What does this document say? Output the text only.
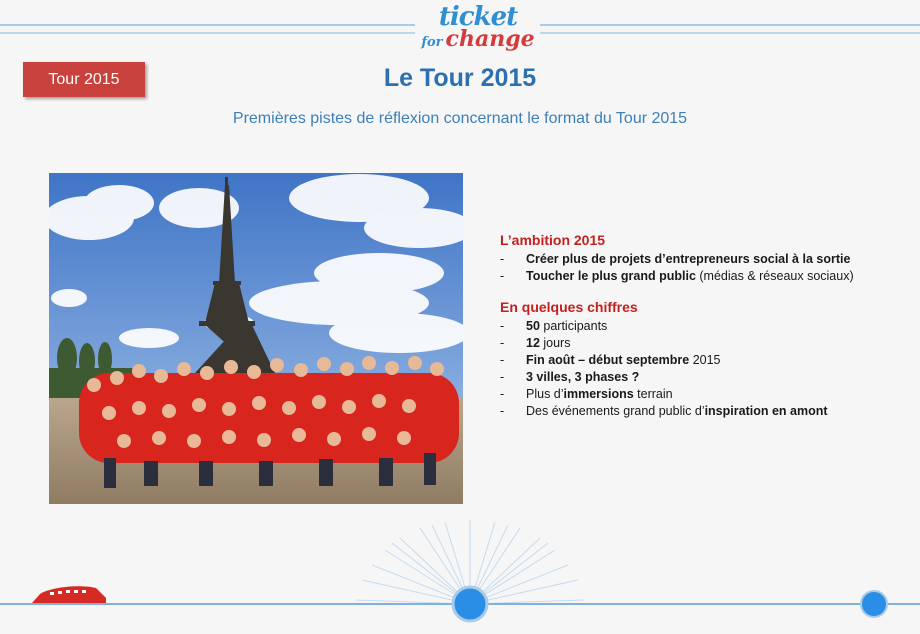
ticket
for change
Tour 2015	Le Tour 2015
Premières pistes de réflexion concernant le format du Tour 2015
L’ambition 2015
-	Créer plus de projets d’entrepreneurs social à la sortie
-	Toucher le plus grand public (médias & réseaux sociaux)
En quelques chiffres
-	50 participants
-	12 jours
-	Fin août – début septembre 2015
-	3 villes, 3 phases ?
-	Plus d’immersions terrain
-	Des événements grand public d’inspiration en amont
